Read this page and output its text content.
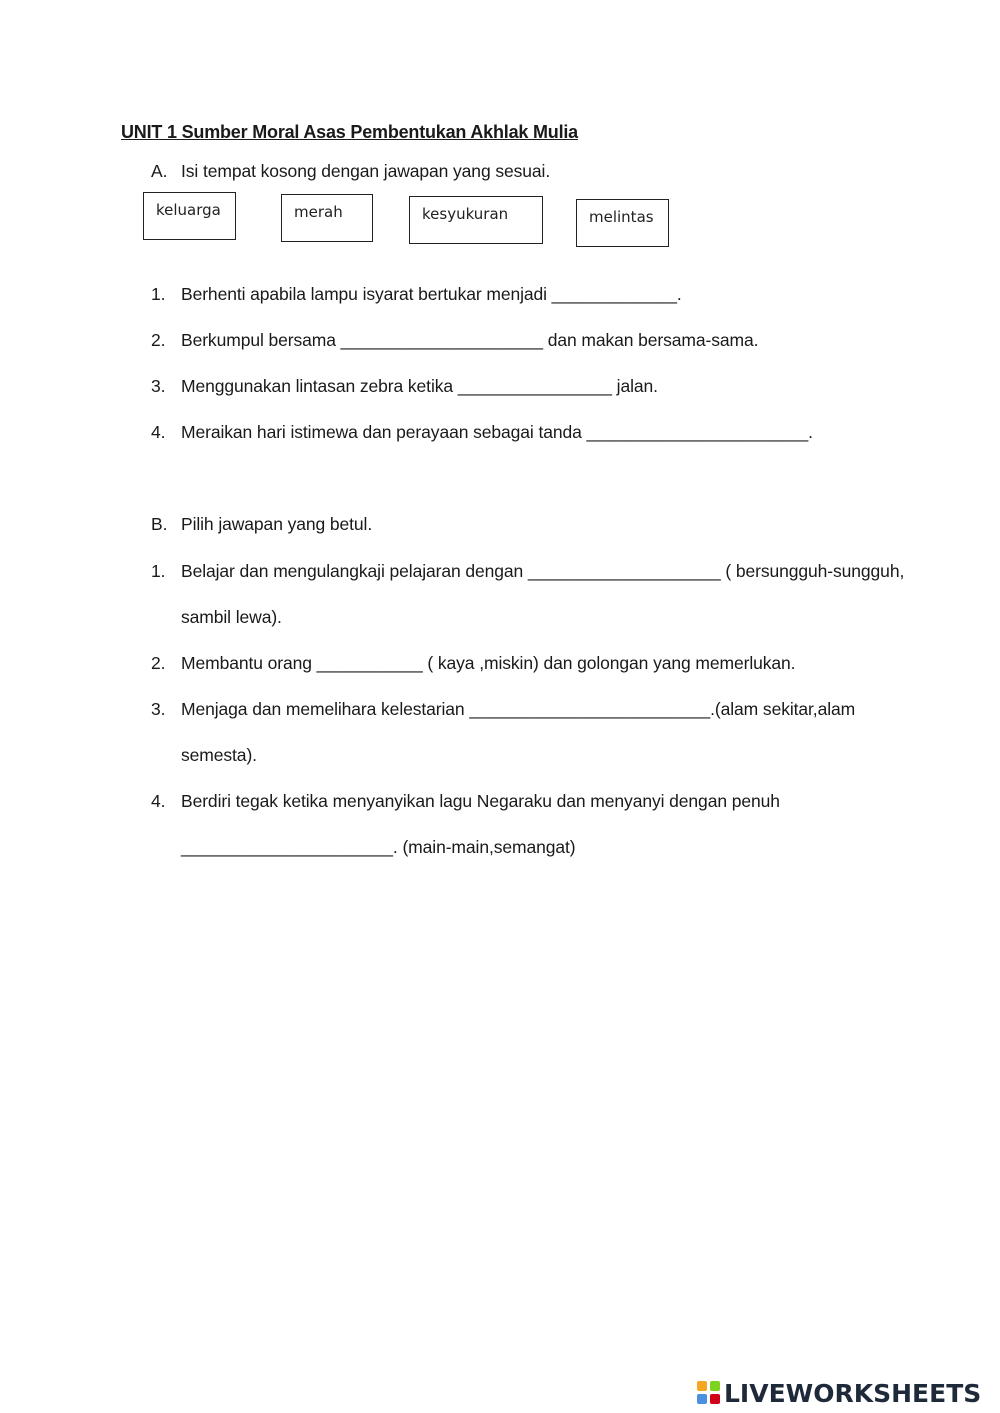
UNIT 1 Sumber Moral Asas Pembentukan Akhlak Mulia
A. Isi tempat kosong dengan jawapan yang sesuai.
keluarga	merah	kesyukuran	melintas
1. Berhenti apabila lampu isyarat bertukar menjadi _____________.
2. Berkumpul bersama _____________________ dan makan bersama-sama.
3. Menggunakan lintasan zebra ketika ________________ jalan.
4. Meraikan hari istimewa dan perayaan sebagai tanda _______________________.
B. Pilih jawapan yang betul.
1. Belajar dan mengulangkaji pelajaran dengan ____________________ ( bersungguh-sungguh,
sambil lewa).
2. Membantu orang ___________ ( kaya ,miskin) dan golongan yang memerlukan.
3. Menjaga dan memelihara kelestarian _________________________.(alam sekitar,alam
semesta).
4. Berdiri tegak ketika menyanyikan lagu Negaraku dan menyanyi dengan penuh
______________________. (main-main,semangat)
LIVEWORKSHEETS
